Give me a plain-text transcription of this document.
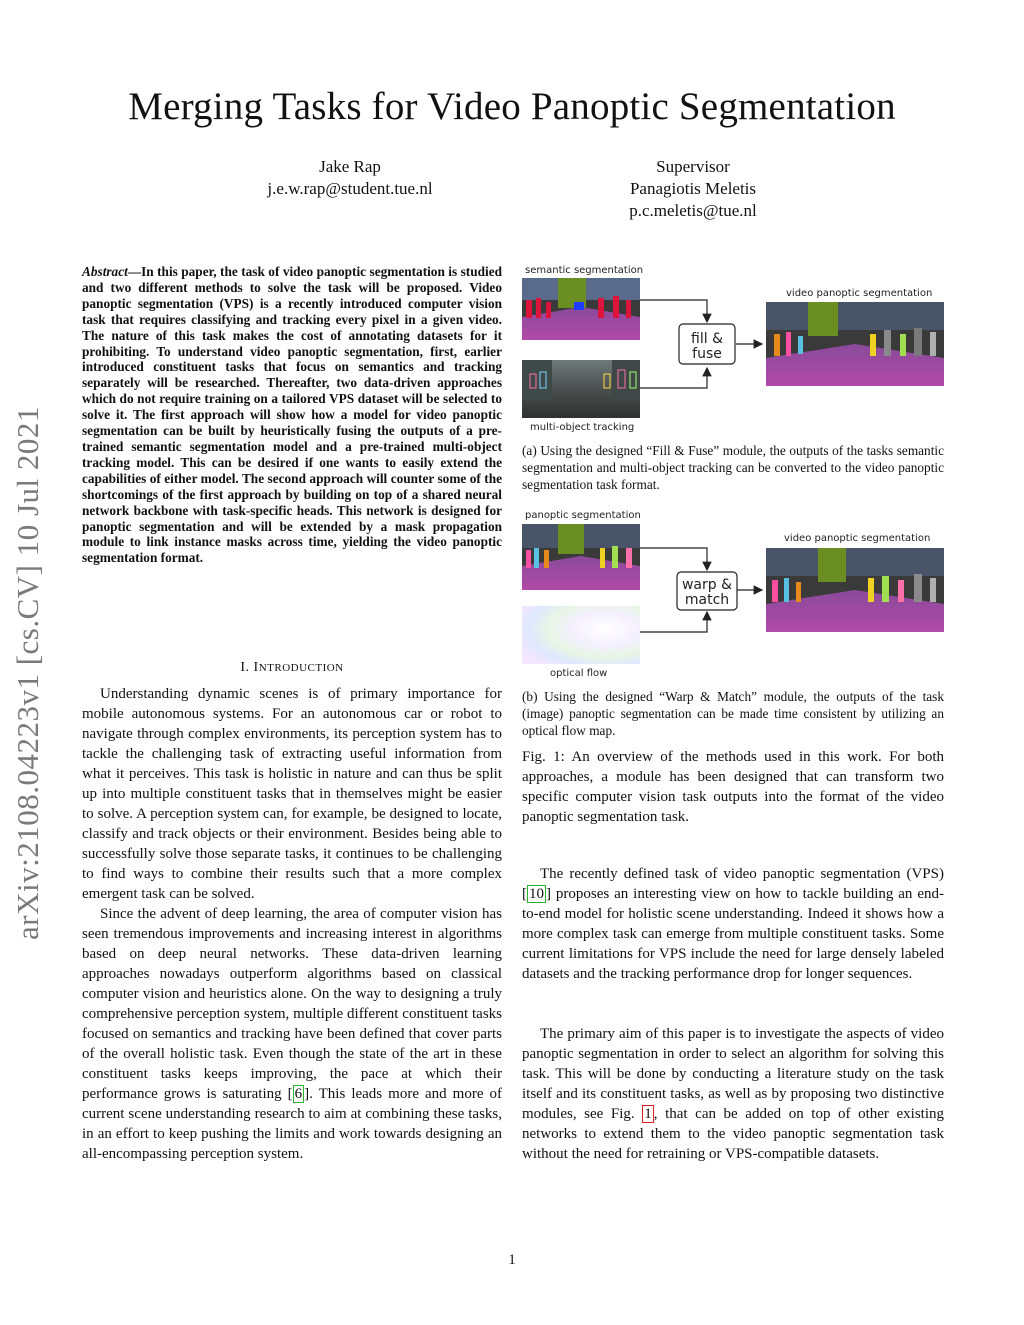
Merging Tasks for Video Panoptic Segmentation
Jake Rap
j.e.w.rap@student.tue.nl
Supervisor
Panagiotis Meletis
p.c.meletis@tue.nl
arXiv:2108.04223v1 [cs.CV] 10 Jul 2021
Abstract—In this paper, the task of video panoptic segmentation is studied and two different methods to solve the task will be proposed. Video panoptic segmentation (VPS) is a recently introduced computer vision task that requires classifying and tracking every pixel in a given video. The nature of this task makes the cost of annotating datasets for it prohibiting. To understand video panoptic segmentation, first, earlier introduced constituent tasks that focus on semantics and tracking separately will be researched. Thereafter, two data-driven approaches which do not require training on a tailored VPS dataset will be selected to solve it. The first approach will show how a model for video panoptic segmentation can be built by heuristically fusing the outputs of a pre-trained semantic segmentation model and a pre-trained multi-object tracking model. This can be desired if one wants to easily extend the capabilities of either model. The second approach will counter some of the shortcomings of the first approach by building on top of a shared neural network backbone with task-specific heads. This network is designed for panoptic segmentation and will be extended by a mask propagation module to link instance masks across time, yielding the video panoptic segmentation format.
I. INTRODUCTION

Understanding dynamic scenes is of primary importance for mobile autonomous systems. For an autonomous car or robot to navigate through complex environments, its perception system has to tackle the challenging task of extracting useful information from what it perceives. This task is holistic in nature and can thus be split up into multiple constituent tasks that in themselves might be easier to solve. A perception system can, for example, be designed to locate, classify and track objects or their environment. Besides being able to successfully solve those separate tasks, it continues to be challenging to find ways to combine their results such that a more complex emergent task can be solved.

Since the advent of deep learning, the area of computer vision has seen tremendous improvements and increasing interest in algorithms based on deep neural networks. These data-driven learning approaches nowadays outperform algorithms based on classical computer vision and heuristics alone. On the way to designing a truly comprehensive perception system, multiple different constituent tasks focused on semantics and tracking have been defined that cover parts of the overall holistic task. Even though the state of the art in these constituent tasks keeps improving, the pace at which their performance grows is saturating [ 6 ]. This leads more and more of current scene understanding research to aim at combining these tasks, in an effort to keep pushing the limits and work towards designing an all-encompassing perception system.

semantic segmentation
multi-object tracking
fill &
fuse
video panoptic segmentation
(a) Using the designed “Fill & Fuse” module, the outputs of the tasks semantic segmentation and multi-object tracking can be converted to the video panoptic segmentation task format.
panoptic segmentation
optical flow
warp &
match
video panoptic segmentation
(b) Using the designed “Warp & Match” module, the outputs of the task (image) panoptic segmentation can be made time consistent by utilizing an optical flow map.
Fig. 1: An overview of the methods used in this work. For both approaches, a module has been designed that can transform two specific computer vision task outputs into the format of the video panoptic segmentation task.

The recently defined task of video panoptic segmentation (VPS) [ 10 ] proposes an interesting view on how to tackle building an end-to-end model for holistic scene understanding. Indeed it shows how a more complex task can emerge from multiple constituent tasks. Some current limitations for VPS include the need for large densely labeled datasets and the tracking performance drop for longer sequences.

The primary aim of this paper is to investigate the aspects of video panoptic segmentation in order to select an algorithm for solving this task. This will be done by conducting a literature study on the task itself and its constituent tasks, as well as by proposing two distinctive modules, see Fig. 1 , that can be added on top of other existing networks to extend them to the video panoptic segmentation task without the need for retraining or VPS-compatible datasets.

1
